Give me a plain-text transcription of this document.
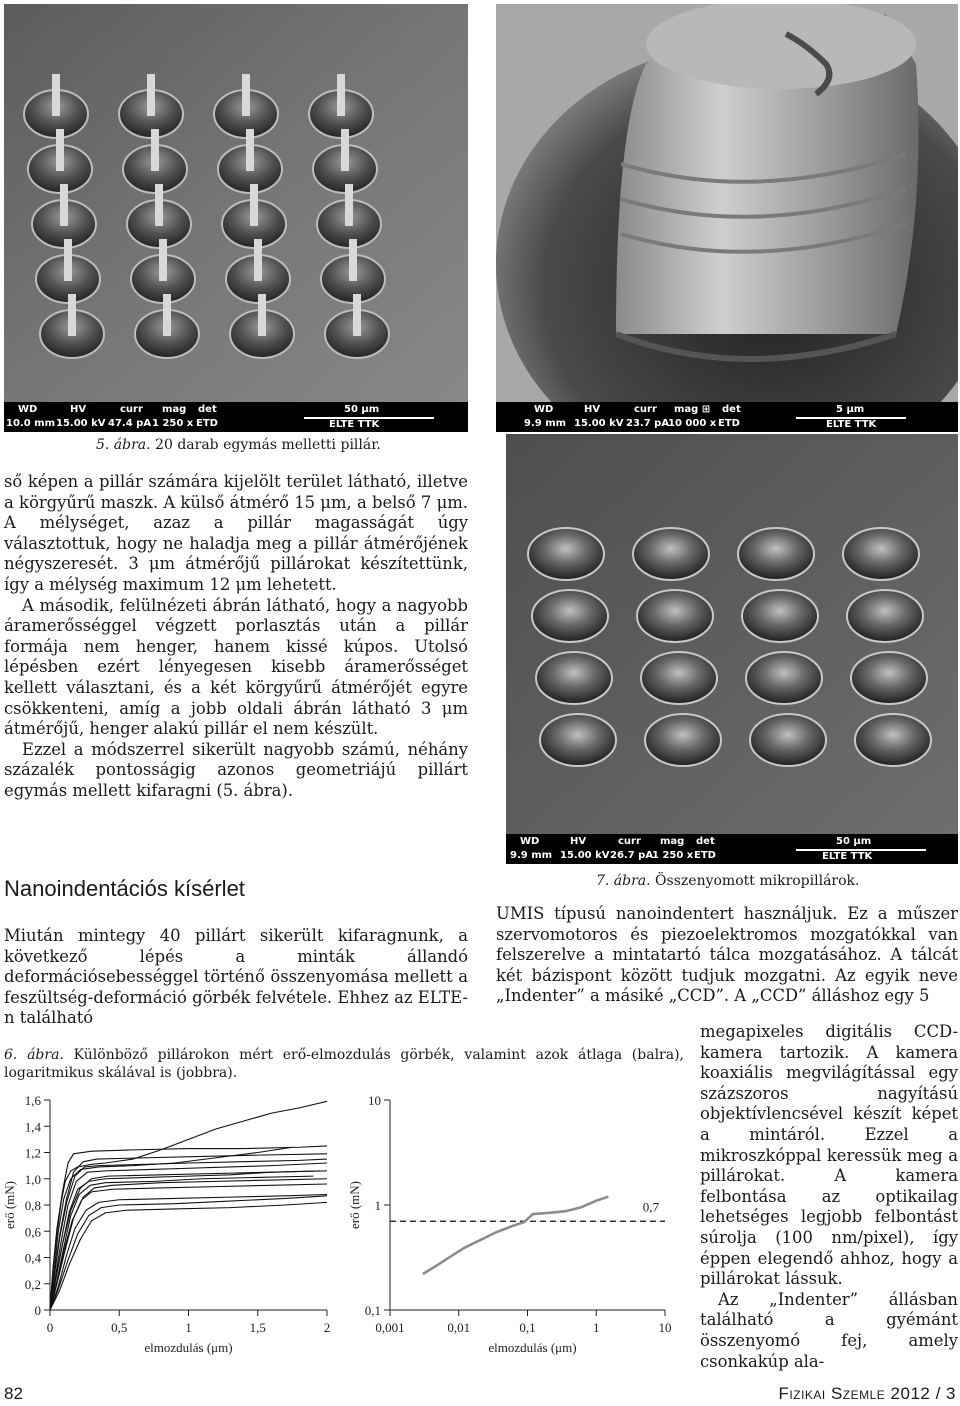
WD
10.0 mm
HV
15.00 kV
curr
47.4 pA
mag
1 250 x
det
ETD
50 µm
ELTE TTK
5. ábra. 20 darab egymás melletti pillár.
WD
9.9 mm
HV
15.00 kV
curr
23.7 pA
mag ⊞
10 000 x
det
ETD
5 µm
ELTE TTK
WD
9.9 mm
HV
15.00 kV
curr
26.7 pA
mag
1 250 x
det
ETD
50 µm
ELTE TTK
7. ábra. Összenyomott mikropillárok.

ső képen a pillár számára kijelölt terület látható, illetve a körgyűrű maszk. A külső átmérő 15 μm, a belső 7 μm. A mélységet, azaz a pillár magasságát úgy választottuk, hogy ne haladja meg a pillár átmérőjének négyszeresét. 3 μm átmérőjű pillárokat készítettünk, így a mélység maximum 12 μm lehetett.

A második, felülnézeti ábrán látható, hogy a nagyobb áramerősséggel végzett porlasztás után a pillár formája nem henger, hanem kissé kúpos. Utolsó lépésben ezért lényegesen kisebb áramerősséget kellett választani, és a két körgyűrű átmérőjét egyre csökkenteni, amíg a jobb oldali ábrán látható 3 μm átmérőjű, henger alakú pillár el nem készült.

Ezzel a módszerrel sikerült nagyobb számú, néhány százalék pontosságig azonos geometriájú pillárt egymás mellett kifaragni (5. ábra).

Nanoindentációs kísérlet

Miután mintegy 40 pillárt sikerült kifaragnunk, a következő lépés a minták állandó deformációsebességgel történő összenyomása mellett a feszültség-deformáció görbék felvétele. Ehhez az ELTE-n található

UMIS típusú nanoindentert használjuk. Ez a műszer szervomotoros és piezoelektromos mozgatókkal van felszerelve a mintatartó tálca mozgatásához. A tálcát két bázispont között tudjuk mozgatni. Az egyik neve „Indenter” a másiké „CCD”. A „CCD” álláshoz egy 5

megapixeles digitális CCD-kamera tartozik. A kamera koaxiális megvilágítással egy százszoros nagyítású objektívlencsével készít képet a mintáról. Ezzel a mikroszkóppal keressük meg a pillárokat. A kamera felbontása az optikailag lehetséges legjobb felbontást súrolja (100 nm/pixel), így éppen elegendő ahhoz, hogy a pillárokat lássuk.

Az „Indenter” állásban található a gyémánt összenyomó fej, amely csonkakúp ala-

6. ábra. Különböző pillárokon mért erő-elmozdulás görbék, valamint azok átlaga (balra), logaritmikus skálával is (jobbra).
0
0,2
0,4
0,6
0,8
1,0
1,2
1,4
1,6
0	0,5	1	1,5	2
elmozdulás (μm)
erő (mN)
0,1
1
10
0,001	0,01	0,1	1	10
elmozdulás (μm)
erő (mN)	0,7
82	Fizikai Szemle 2012 / 3
